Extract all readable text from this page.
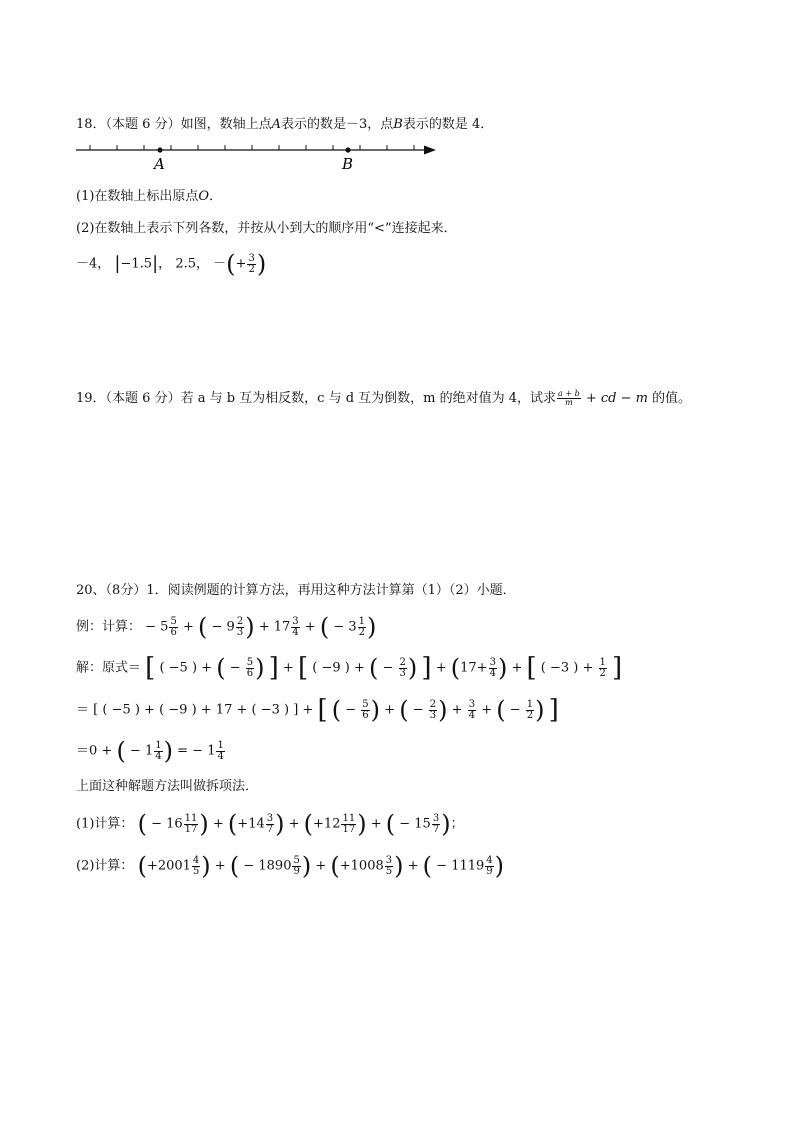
18．（本题 6 分）如图，数轴上点A表示的数是－3，点B表示的数是 4．
A	B
(1)在数轴上标出原点O．
(2)在数轴上表示下列各数，并按从小到大的顺序用“<”连接起来．
－4， |−1.5|， 2.5， －(+ $\frac{3}{2}$ )
19．（本题 6 分）若 a 与 b 互为相反数，c 与 d 互为倒数，m 的绝对值为 4，试求 $\frac{a + b}{m}$ + cd − m 的值。
20、（8分）1．阅读例题的计算方法，再用这种方法计算第（1）（2）小题．
例：计算： − $5 \frac{5}{6}$ + ( − $9 \frac{2}{3}$ ) + $17 \frac{3}{4}$ + ( − $3 \frac{1}{2}$ )
解：原式＝ [ ( −5 ) + ( − $\frac{5}{6}$ ) ] + [ ( −9 ) + ( − $\frac{2}{3}$ ) ] + ($17+ \frac{3}{4}$ ) + [ ( −3 ) + $\frac{1}{2}$ ]
＝ [ ( −5 ) + ( −9 ) + 17 + ( −3 ) ] + [ ( − $\frac{5}{6}$ ) + ( − $\frac{2}{3}$ ) + $\frac{3}{4}$ + ( − $\frac{1}{2}$ ) ]
＝0 + ( − $1 \frac{1}{4}$ ) = − $1 \frac{1}{4}$
上面这种解题方法叫做拆项法．
(1)计算： ( − $16 \frac{11}{17}$ ) + ($+14 \frac{3}{7}$ ) + ($+12 \frac{11}{17}$ ) + ( − $15 \frac{3}{7}$ )；
(2)计算： ($+2001 \frac{4}{5}$ ) + ( − $1890 \frac{5}{9}$ ) + ($+1008 \frac{3}{5}$ ) + ( − $1119 \frac{4}{9}$ )
